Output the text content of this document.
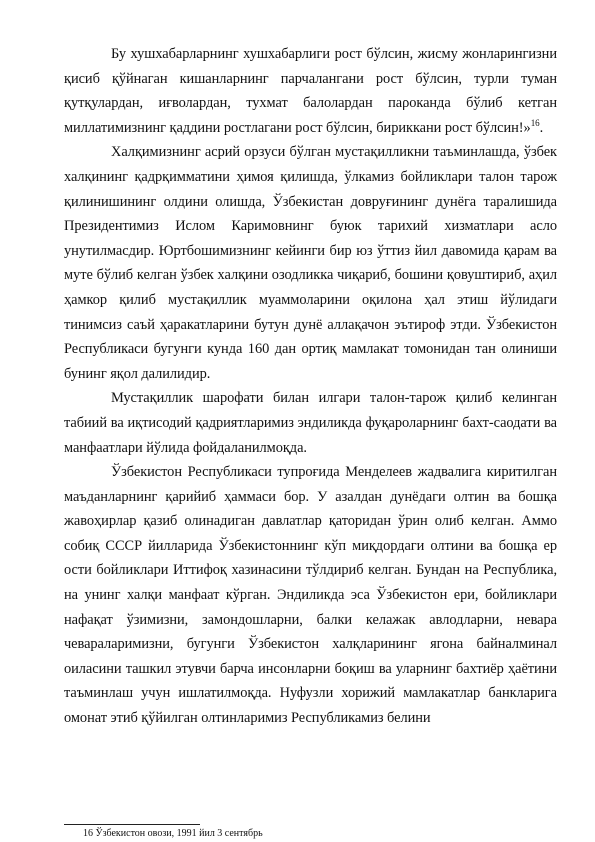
Бу хушхабарларнинг хушхабарлиги рост бўлсин, жисму жонларингизни қисиб қўйнаган кишанларнинг парчалангани рост бўлсин, турли туман қутқулардан, иғволардан, тухмат балолардан паροканда бўлиб кетган миллатимизнинг қаддини ростлагани рост бўлсин, бириккани рост бўлсин!»$^{16}$.

Халқимизнинг асрий орзуси бўлган мустақилликни таъминлашда, ўзбек халқининг қадрқимматини ҳимоя қилишда, ўлкамиз бойликлари талон тарож қилинишининг олдини олишда, Ўзбекистан довруғининг дунёга таралишида Президентимиз Ислом Каримовнинг буюк тарихий хизматлари асло унутилмасдир. Юртбошимизнинг кейинги бир юз ўттиз йил давомида қарам ва муте бўлиб келган ўзбек халқини озодликка чиқариб, бошини қовуштириб, аҳил ҳамкор қилиб мустақиллик муаммоларини оқилона ҳал этиш йўлидаги тинимсиз саъй ҳаракатларини бутун дунё аллақачон эътироф этди. Ўзбекистон Республикаси бугунги кунда 160 дан ортиқ мамлакат томонидан тан олиниши бунинг яқол далилидир.

Мустақиллик шарофати билан илгари талон-тарож қилиб келинган табиий ва иқтисодий қадриятларимиз эндиликда фуқароларнинг бахт-саодати ва манфаатлари йўлида фойдаланилмоқда.

Ўзбекистон Республикаси тупроғида Менделеев жадвалига киритилган маъданларнинг қарийиб ҳаммаси бор. У азалдан дунёдаги олтин ва бошқа жавоҳирлар қазиб олинадиган давлатлар қаторидан ўрин олиб келган. Аммо собиқ СССР йилларида Ўзбекистоннинг кўп миқдордаги олтини ва бошқа ер ости бойликлари Иттифоқ хазинасини тўлдириб келган. Бундан на Республика, на унинг халқи манфаат кўрган. Эндиликда эса Ўзбекистон ери, бойликлари нафақат ўзимизни, замондошларни, балки келажак авлодларни, невара чевараларимизни, бугунги Ўзбекистон халқларининг ягона байналминал оиласини ташкил этувчи барча инсонларни боқиш ва уларнинг бахтиёр ҳаётини таъминлаш учун ишлатилмоқда. Нуфузли хорижий мамлакатлар банкларига омонат этиб қўйилган олтинларимиз Республикамиз белини

16 Ўзбекистон овози, 1991 йил 3 сентябрь
